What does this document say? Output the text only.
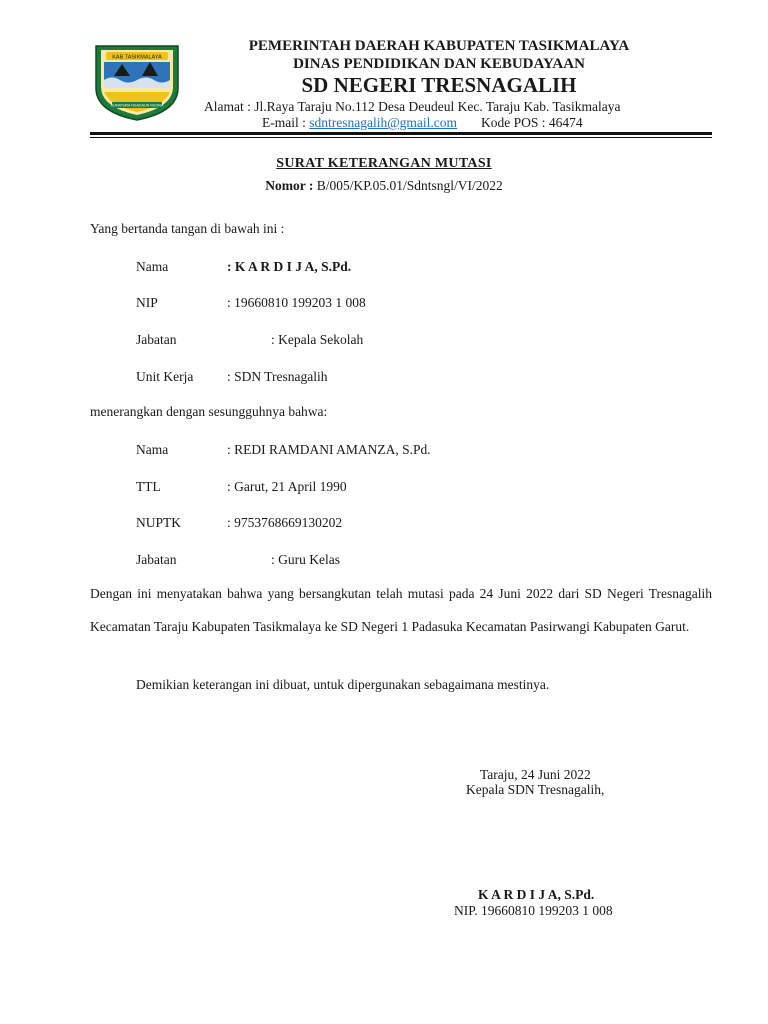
KAB.TASIKMALAYA
SUKAPURA NGADAUN NGORA
PEMERINTAH DAERAH KABUPATEN TASIKMALAYA
DINAS PENDIDIKAN DAN KEBUDAYAAN
SD NEGERI TRESNAGALIH
Alamat : Jl.Raya Taraju No.112 Desa Deudeul Kec. Taraju Kab. Tasikmalaya
E-mail : sdntresnagalih@gmail.com Kode POS : 46474
SURAT KETERANGAN MUTASI
Nomor : B/005/KP.05.01/Sdntsngl/VI/2022
Yang bertanda tangan di bawah ini :
Nama	: K A R D I J A, S.Pd.
NIP	: 19660810 199203 1 008
Jabatan	: Kepala Sekolah
Unit Kerja : SDN Tresnagalih
menerangkan dengan sesungguhnya bahwa:
Nama	: REDI RAMDANI AMANZA, S.Pd.
TTL	: Garut, 21 April 1990
NUPTK	: 9753768669130202
Jabatan	: Guru Kelas
Dengan ini menyatakan bahwa yang bersangkutan telah mutasi pada 24 Juni 2022 dari SD Negeri Tresnagalih Kecamatan Taraju Kabupaten Tasikmalaya ke SD Negeri 1 Padasuka Kecamatan Pasirwangi Kabupaten Garut.
Demikian keterangan ini dibuat, untuk dipergunakan sebagaimana mestinya.
Taraju, 24 Juni 2022
Kepala SDN Tresnagalih,
K A R D I J A, S.Pd.
NIP. 19660810 199203 1 008
